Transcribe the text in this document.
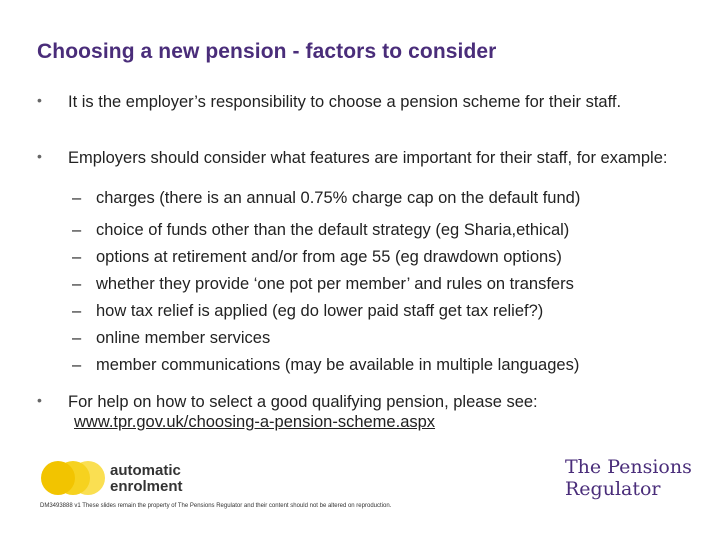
Choosing a new pension - factors to consider
• It is the employer’s responsibility to choose a pension scheme for their staff.
• Employers should consider what features are important for their staff, for example:
– charges (there is an annual 0.75% charge cap on the default fund)
– choice of funds other than the default strategy (eg Sharia,ethical)
– options at retirement and/or from age 55 (eg drawdown options)
– whether they provide ‘one pot per member’ and rules on transfers
– how tax relief is applied (eg do lower paid staff get tax relief?)
– online member services
– member communications (may be available in multiple languages)
• For help on how to select a good qualifying pension, please see:
www.tpr.gov.uk/choosing-a-pension-scheme.aspx
automatic
enrolment
The Pensions
Regulator
DM3493888 v1 These slides remain the property of The Pensions Regulator and their content should not be altered on reproduction.
